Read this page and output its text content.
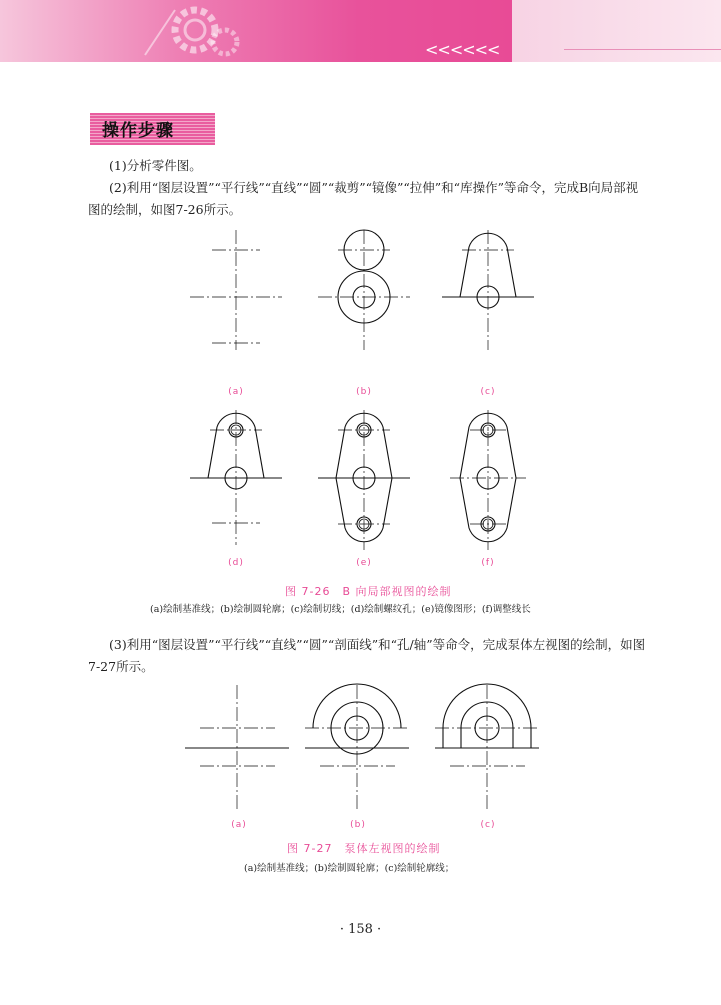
<<<<<<
操作步骤
(1)分析零件图。
(2)利用“图层设置”“平行线”“直线”“圆”“裁剪”“镜像”“拉伸”和“库操作”等命令，完成B向局部视图的绘制，如图7-26所示。
(a)	(b)	(c)
(d)	(e)	(f)
图 7-26　B 向局部视图的绘制
(a)绘制基准线；(b)绘制圆轮廓；(c)绘制切线；(d)绘制螺纹孔；(e)镜像图形；(f)调整线长
(3)利用“图层设置”“平行线”“直线”“圆”“剖面线”和“孔/轴”等命令，完成泵体左视图的绘制，如图7-27所示。
(a)	(b)	(c)
图 7-27　泵体左视图的绘制
(a)绘制基准线；(b)绘制圆轮廓；(c)绘制轮廓线；
· 158 ·
